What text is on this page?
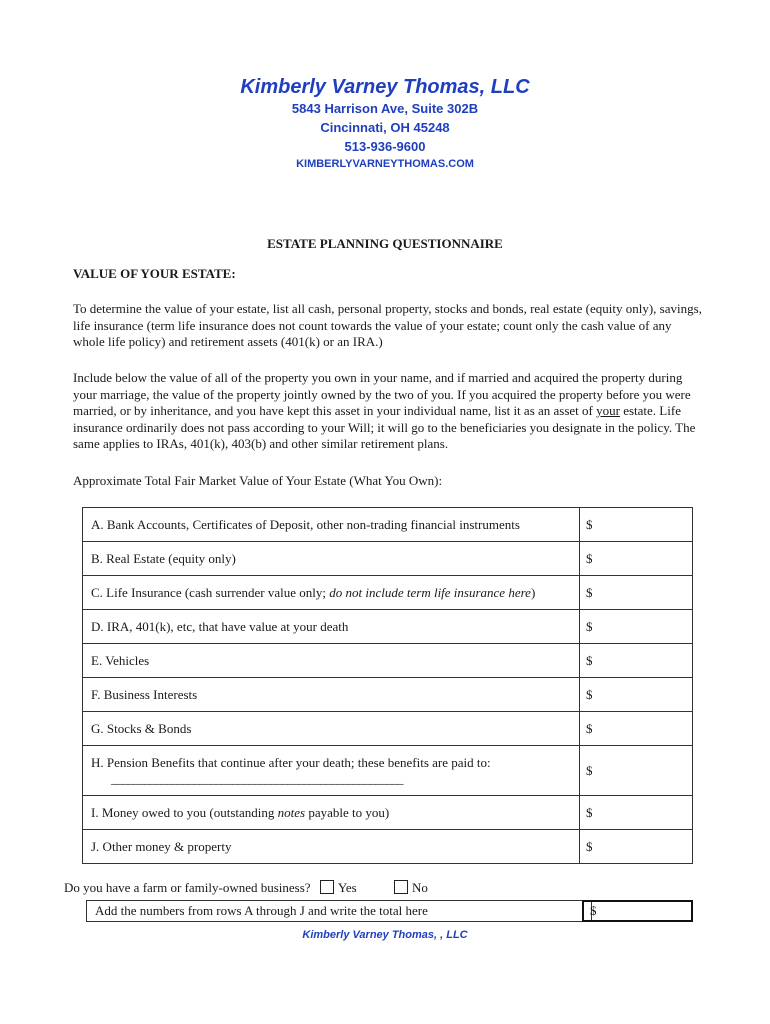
Kimberly Varney Thomas, LLC
5843 Harrison Ave, Suite 302B
Cincinnati, OH 45248
513-936-9600
KIMBERLYVARNEYTHOMAS.COM
ESTATE PLANNING QUESTIONNAIRE
VALUE OF YOUR ESTATE:
To determine the value of your estate, list all cash, personal property, stocks and bonds, real estate (equity only), savings, life insurance (term life insurance does not count towards the value of your estate; count only the cash value of any whole life policy) and retirement assets (401(k) or an IRA.)
Include below the value of all of the property you own in your name, and if married and acquired the property during your marriage, the value of the property jointly owned by the two of you. If you acquired the property before you were married, or by inheritance, and you have kept this asset in your individual name, list it as an asset of your estate. Life insurance ordinarily does not pass according to your Will; it will go to the beneficiaries you designate in the policy. The same applies to IRAs, 401(k), 403(b) and other similar retirement plans.
Approximate Total Fair Market Value of Your Estate (What You Own):
A. Bank Accounts, Certificates of Deposit, other non-trading financial instruments	$
B. Real Estate (equity only)	$
C. Life Insurance (cash surrender value only; do not include term life insurance here)	$
D. IRA, 401(k), etc, that have value at your death	$
E. Vehicles	$
F. Business Interests	$
G. Stocks & Bonds	$

H. Pension Benefits that continue after your death; these benefits are paid to:
_____________________________________________________	$
I. Money owed to you (outstanding notes payable to you)	$
J. Other money & property	$
Do you have a farm or family-owned business? Yes	No
Add the numbers from rows A through J and write the total here	$
Kimberly Varney Thomas, , LLC
